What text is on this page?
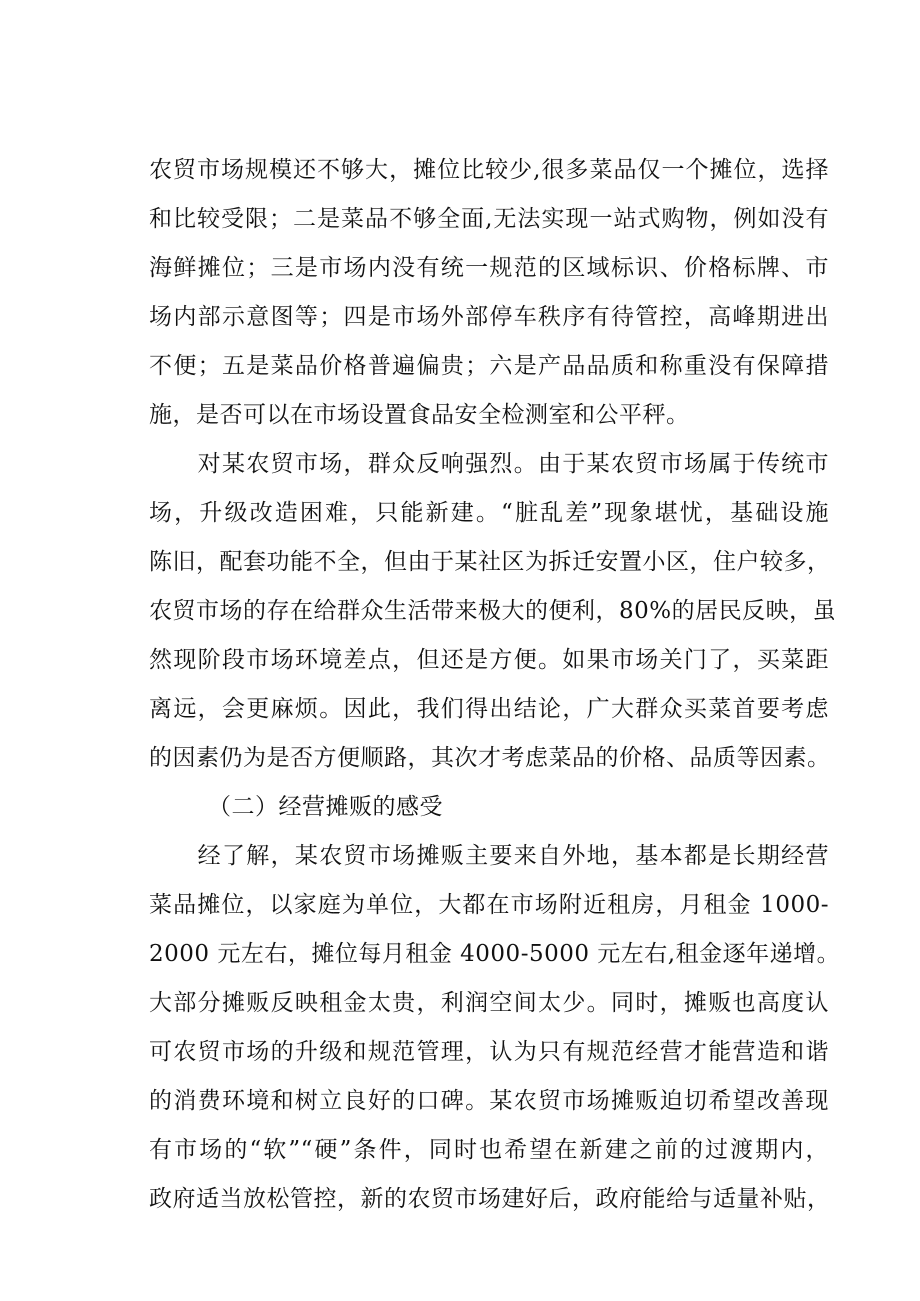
农贸市场规模还不够大，摊位比较少,很多菜品仅一个摊位，选择
和比较受限；二是菜品不够全面,无法实现一站式购物，例如没有
海鲜摊位；三是市场内没有统一规范的区域标识、价格标牌、市
场内部示意图等；四是市场外部停车秩序有待管控，高峰期进出
不便；五是菜品价格普遍偏贵；六是产品品质和称重没有保障措
施，是否可以在市场设置食品安全检测室和公平秤。
　　对某农贸市场，群众反响强烈。由于某农贸市场属于传统市
场，升级改造困难，只能新建。“脏乱差”现象堪忧，基础设施
陈旧，配套功能不全，但由于某社区为拆迁安置小区，住户较多，
农贸市场的存在给群众生活带来极大的便利，80%的居民反映，虽
然现阶段市场环境差点，但还是方便。如果市场关门了，买菜距
离远，会更麻烦。因此，我们得出结论，广大群众买菜首要考虑
的因素仍为是否方便顺路，其次才考虑菜品的价格、品质等因素。
　　　（二）经营摊贩的感受
　　经了解，某农贸市场摊贩主要来自外地，基本都是长期经营
菜品摊位，以家庭为单位，大都在市场附近租房，月租金 1000-
2000 元左右，摊位每月租金 4000-5000 元左右,租金逐年递增。
大部分摊贩反映租金太贵，利润空间太少。同时，摊贩也高度认
可农贸市场的升级和规范管理，认为只有规范经营才能营造和谐
的消费环境和树立良好的口碑。某农贸市场摊贩迫切希望改善现
有市场的“软”“硬”条件，同时也希望在新建之前的过渡期内，
政府适当放松管控，新的农贸市场建好后，政府能给与适量补贴，
